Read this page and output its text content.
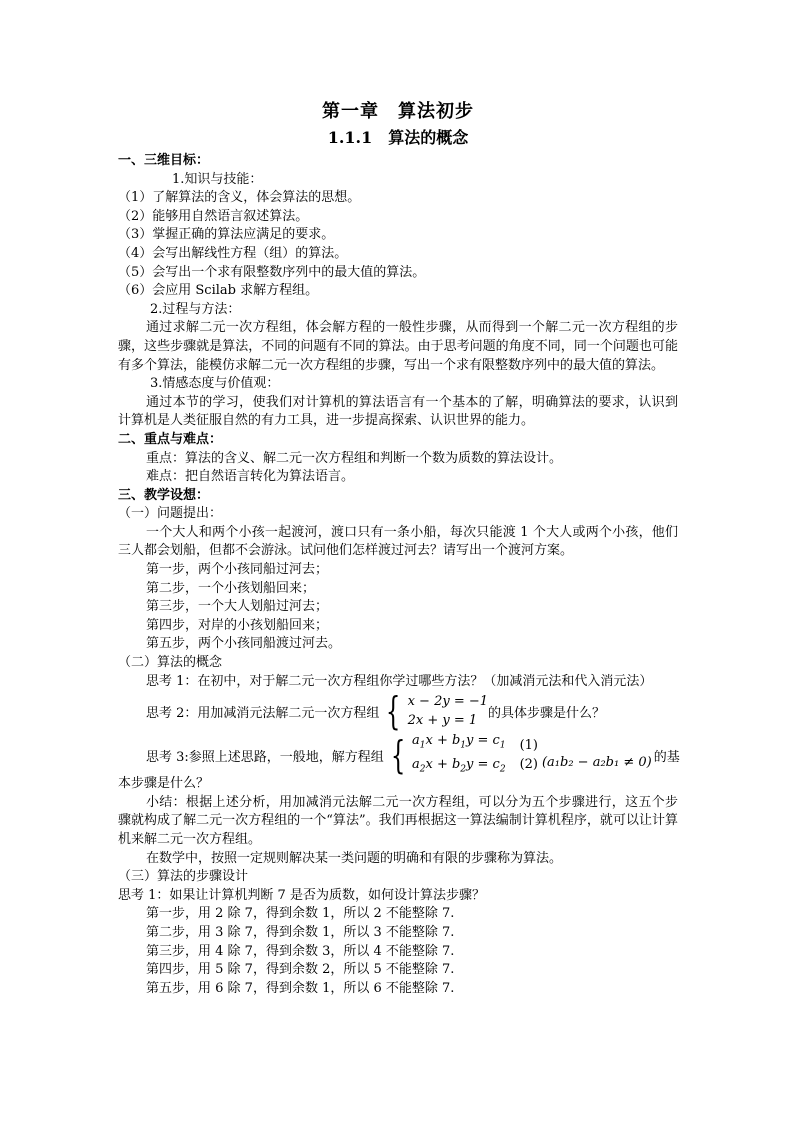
第一章　算法初步
1.1.1　算法的概念
一、三维目标：
1.知识与技能：
（1）了解算法的含义，体会算法的思想。
（2）能够用自然语言叙述算法。
（3）掌握正确的算法应满足的要求。
（4）会写出解线性方程（组）的算法。
（5）会写出一个求有限整数序列中的最大值的算法。
（6）会应用 Scilab 求解方程组。
2.过程与方法：
通过求解二元一次方程组，体会解方程的一般性步骤，从而得到一个解二元一次方程组的步骤，这些步骤就是算法，不同的问题有不同的算法。由于思考问题的角度不同，同一个问题也可能有多个算法，能模仿求解二元一次方程组的步骤，写出一个求有限整数序列中的最大值的算法。
3.情感态度与价值观：
通过本节的学习，使我们对计算机的算法语言有一个基本的了解，明确算法的要求，认识到计算机是人类征服自然的有力工具，进一步提高探索、认识世界的能力。
二、重点与难点：
重点：算法的含义、解二元一次方程组和判断一个数为质数的算法设计。
难点：把自然语言转化为算法语言。
三、教学设想：
（一）问题提出：
一个大人和两个小孩一起渡河，渡口只有一条小船，每次只能渡 1 个大人或两个小孩，他们三人都会划船，但都不会游泳。试问他们怎样渡过河去？请写出一个渡河方案。
第一步，两个小孩同船过河去；
第二步，一个小孩划船回来；
第三步，一个大人划船过河去；
第四步，对岸的小孩划船回来；
第五步，两个小孩同船渡过河去。
（二）算法的概念
思考 1：在初中，对于解二元一次方程组你学过哪些方法？（加减消元法和代入消元法）
思考 2：用加减消元法解二元一次方程组 { x − 2y = −1
2x + y = 1 的具体步骤是什么？
思考 3:参照上述思路，一般地，解方程组 { $a_1x + b_1y = c_1$
$a_2x + b_2y = c_2$
(1)
(2) (a₁b₂ − a₂b₁ ≠ 0) 的基
本步骤是什么？
小结：根据上述分析，用加减消元法解二元一次方程组，可以分为五个步骤进行，这五个步骤就构成了解二元一次方程组的一个“算法”。我们再根据这一算法编制计算机程序，就可以让计算机来解二元一次方程组。
在数学中，按照一定规则解决某一类问题的明确和有限的步骤称为算法。
（三）算法的步骤设计
思考 1：如果让计算机判断 7 是否为质数，如何设计算法步骤？
第一步，用 2 除 7，得到余数 1，所以 2 不能整除 7.
第二步，用 3 除 7，得到余数 1，所以 3 不能整除 7.
第三步，用 4 除 7，得到余数 3，所以 4 不能整除 7.
第四步，用 5 除 7，得到余数 2，所以 5 不能整除 7.
第五步，用 6 除 7，得到余数 1，所以 6 不能整除 7.
